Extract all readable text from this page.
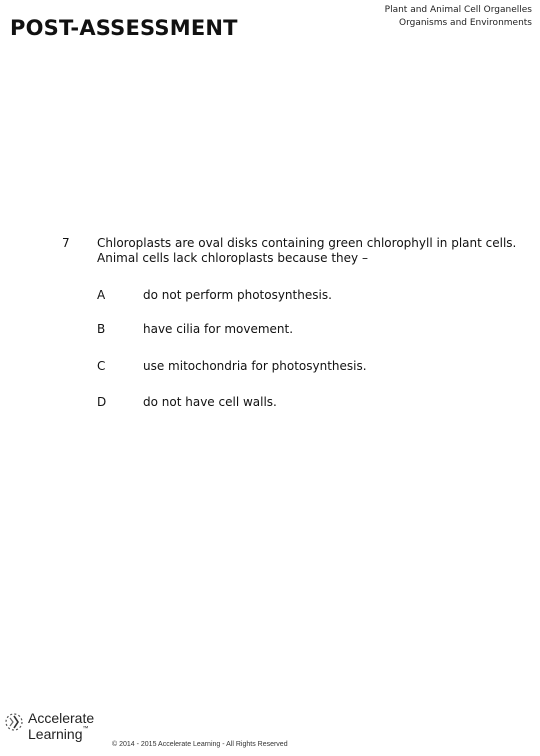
POST-ASSESSMENT
Plant and Animal Cell Organelles
Organisms and Environments
7 Chloroplasts are oval disks containing green chlorophyll in plant cells. Animal cells lack chloroplasts because they –
A	do not perform photosynthesis.
B	have cilia for movement.
C	use mitochondria for photosynthesis.
D	do not have cell walls.
Accelerate
Learning™
© 2014 - 2015 Accelerate Learning - All Rights Reserved
